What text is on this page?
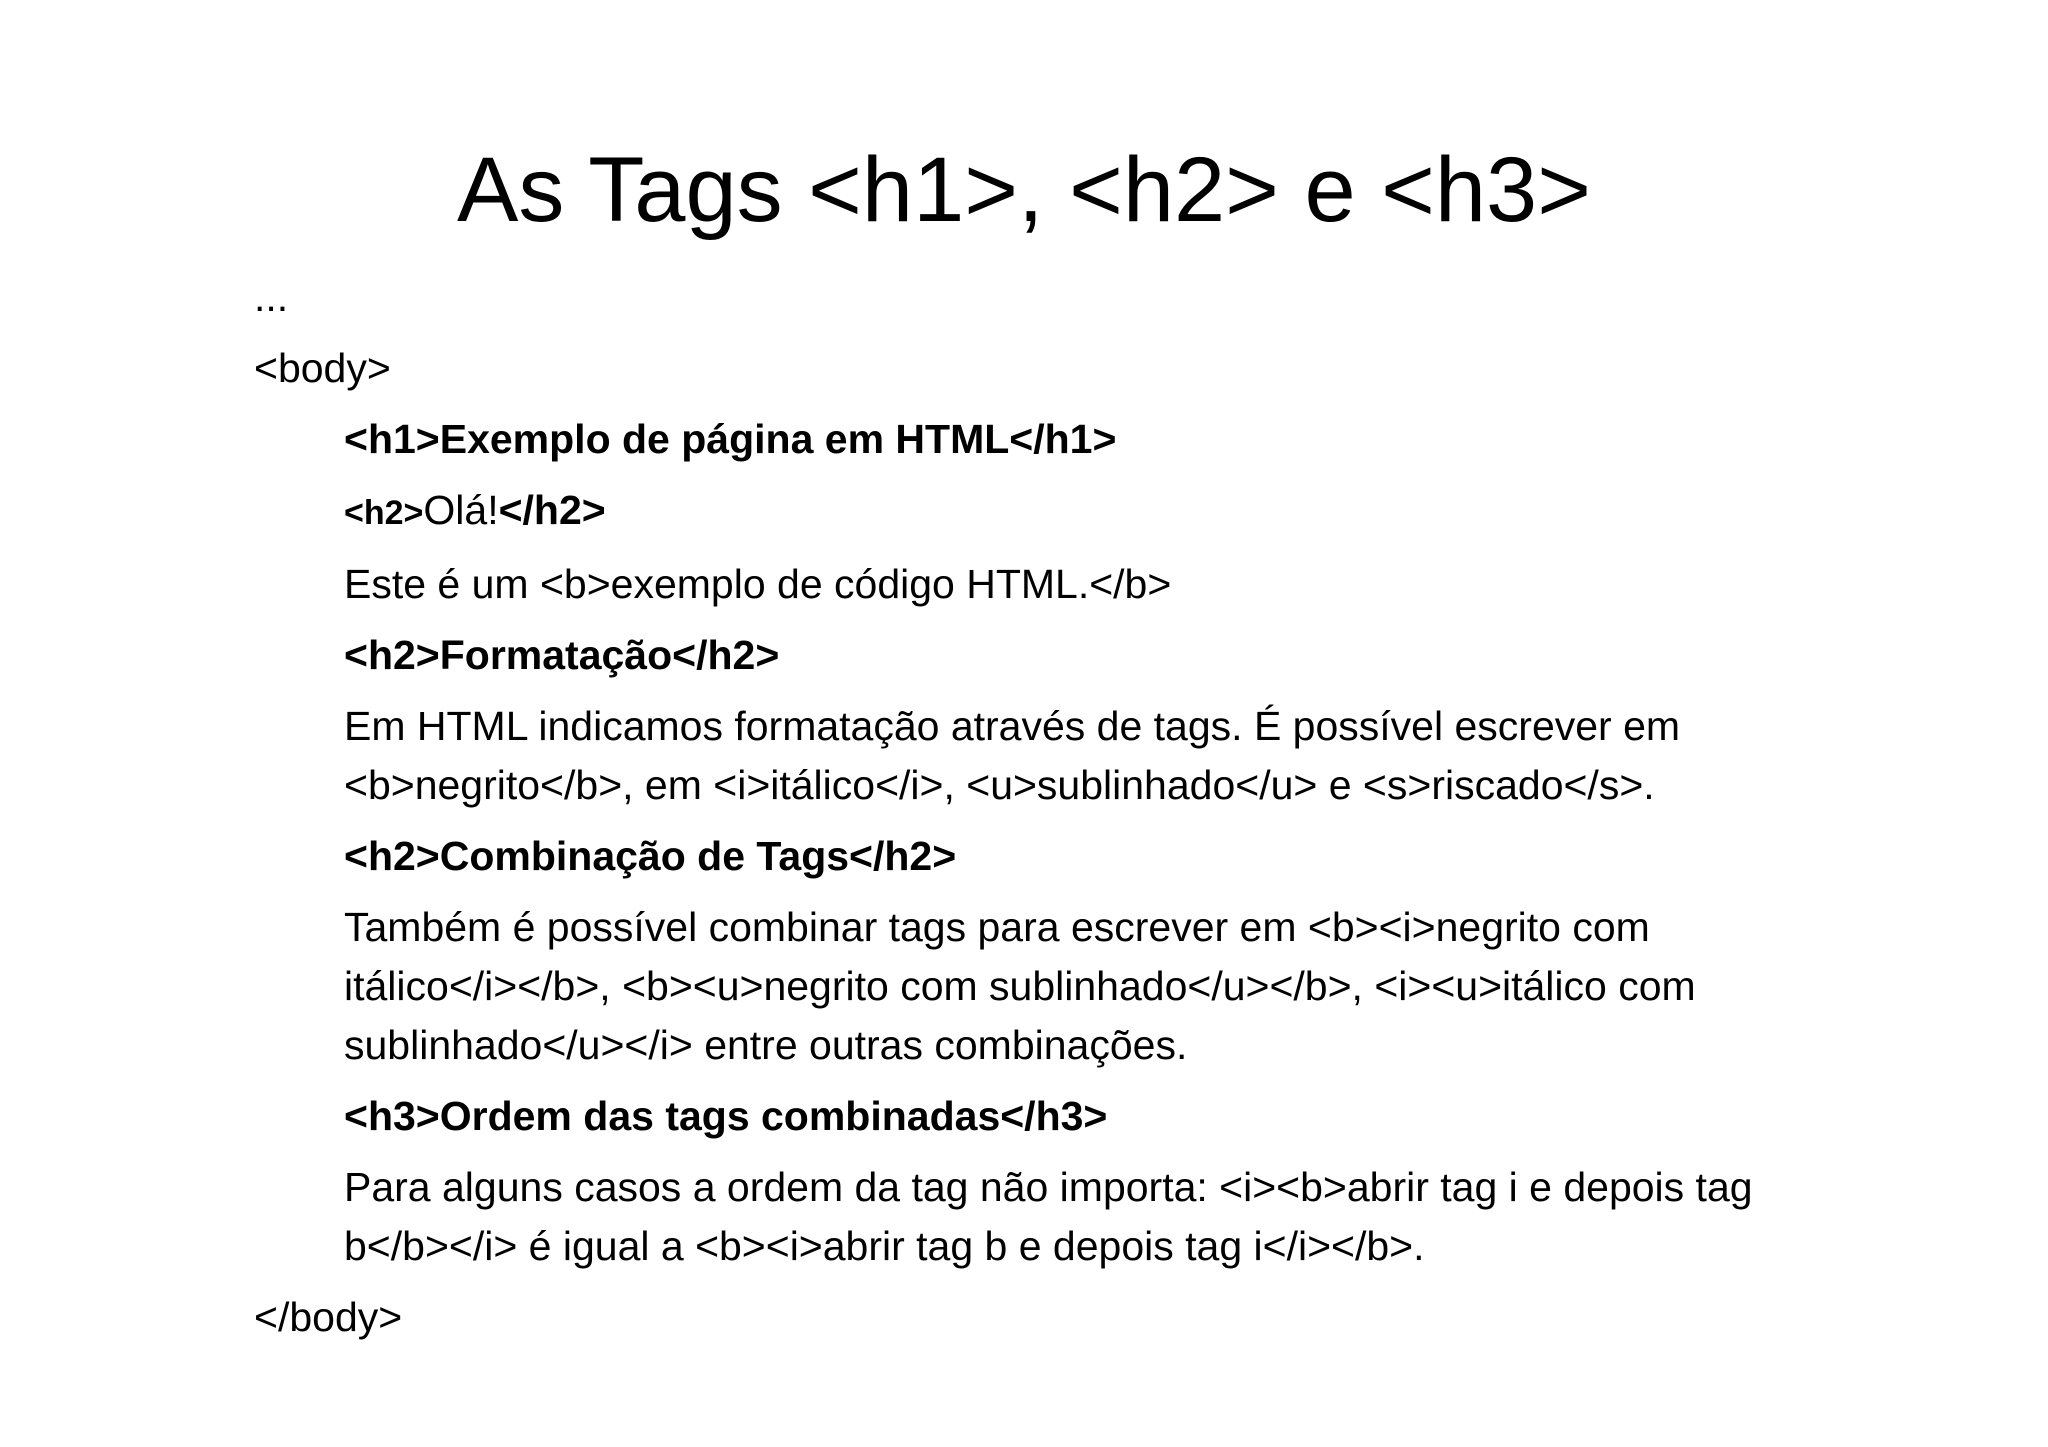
As Tags <h1>, <h2> e <h3>
...
<body>
<h1>Exemplo de página em HTML</h1>
<h2>Olá!</h2>
Este é um <b>exemplo de código HTML.</b>
<h2>Formatação</h2>
Em HTML indicamos formatação através de tags. É possível escrever em
<b>negrito</b>, em <i>itálico</i>, <u>sublinhado</u> e <s>riscado</s>.
<h2>Combinação de Tags</h2>
Também é possível combinar tags para escrever em <b><i>negrito com
itálico</i></b>, <b><u>negrito com sublinhado</u></b>, <i><u>itálico com
sublinhado</u></i> entre outras combinações.
<h3>Ordem das tags combinadas</h3>
Para alguns casos a ordem da tag não importa: <i><b>abrir tag i e depois tag
b</b></i> é igual a <b><i>abrir tag b e depois tag i</i></b>.
</body>
